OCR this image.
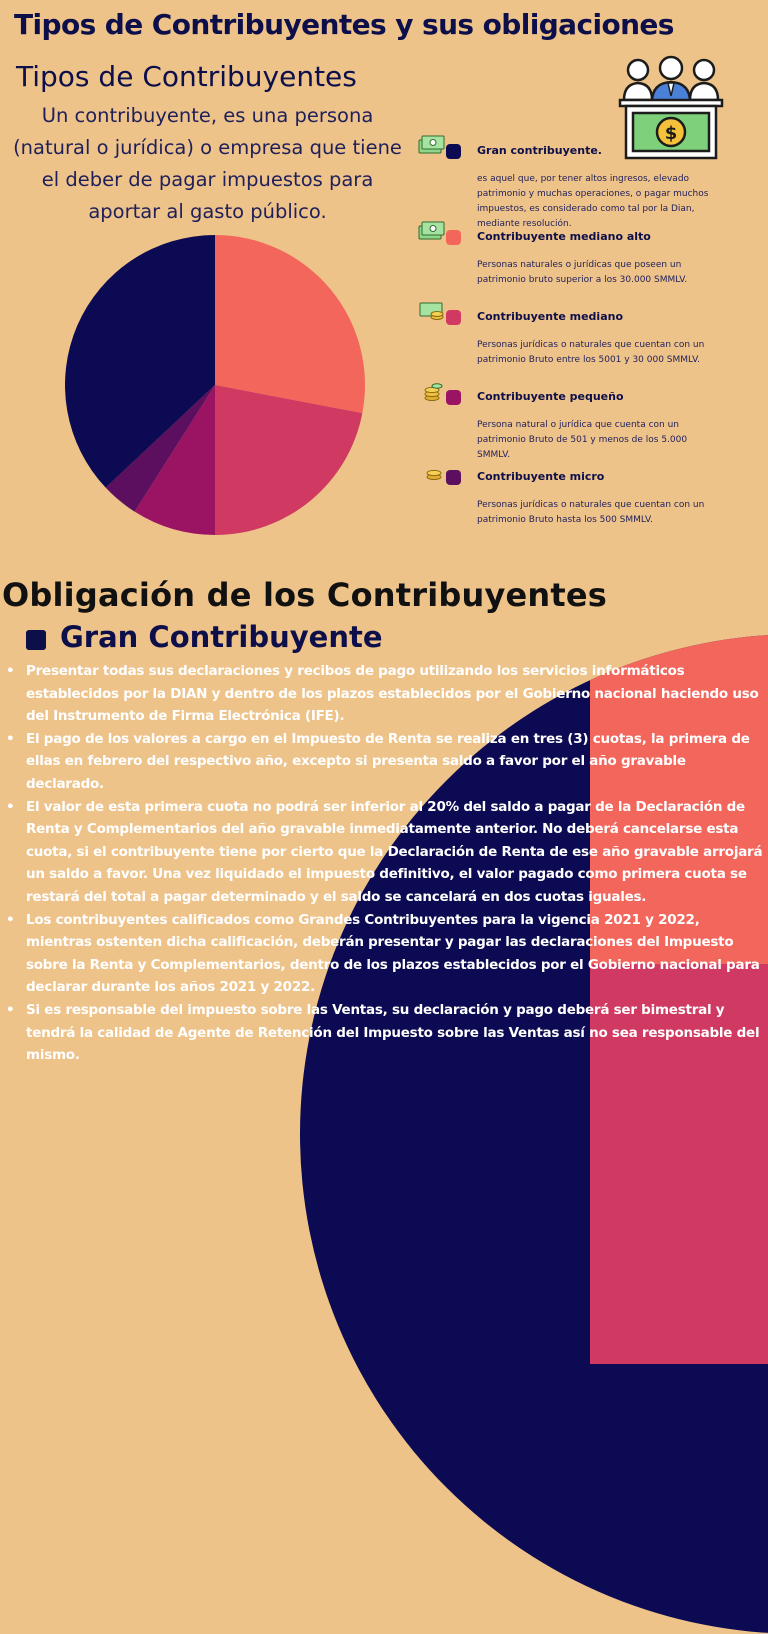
Tipos de Contribuyentes y sus obligaciones
Tipos de Contribuyentes

Un contribuyente, es una persona (natural o jurídica) o empresa que tiene el deber de pagar impuestos para aportar al gasto público.

$
Gran contribuyente.
es aquel que, por tener altos ingresos, elevado patrimonio y muchas operaciones, o pagar muchos impuestos, es considerado como tal por la Dian, mediante resolución.
Contribuyente mediano alto
Personas naturales o jurídicas que poseen un patrimonio bruto superior a los 30.000 SMMLV.
Contribuyente mediano
Personas jurídicas o naturales que cuentan con un patrimonio Bruto entre los 5001 y 30 000 SMMLV.
Contribuyente pequeño
Persona natural o jurídica que cuenta con un patrimonio Bruto de 501 y menos de los 5.000 SMMLV.
Contribuyente micro
Personas jurídicas o naturales que cuentan con un patrimonio Bruto hasta los 500 SMMLV.
Obligación de los Contribuyentes
Gran Contribuyente
• Presentar todas sus declaraciones y recibos de pago utilizando los servicios informáticos establecidos por la DIAN y dentro de los plazos establecidos por el Gobierno nacional haciendo uso del Instrumento de Firma Electrónica (IFE).
• El pago de los valores a cargo en el Impuesto de Renta se realiza en tres (3) cuotas, la primera de ellas en febrero del respectivo año, excepto si presenta saldo a favor por el año gravable declarado.
• El valor de esta primera cuota no podrá ser inferior al 20% del saldo a pagar de la Declaración de Renta y Complementarios del año gravable inmediatamente anterior. No deberá cancelarse esta cuota, si el contribuyente tiene por cierto que la Declaración de Renta de ese año gravable arrojará un saldo a favor. Una vez liquidado el impuesto definitivo, el valor pagado como primera cuota se restará del total a pagar determinado y el saldo se cancelará en dos cuotas iguales.
• Los contribuyentes calificados como Grandes Contribuyentes para la vigencia 2021 y 2022, mientras ostenten dicha calificación, deberán presentar y pagar las declaraciones del Impuesto sobre la Renta y Complementarios, dentro de los plazos establecidos por el Gobierno nacional para declarar durante los años 2021 y 2022.
• Si es responsable del impuesto sobre las Ventas, su declaración y pago deberá ser bimestral y tendrá la calidad de Agente de Retención del Impuesto sobre las Ventas así no sea responsable del mismo.
